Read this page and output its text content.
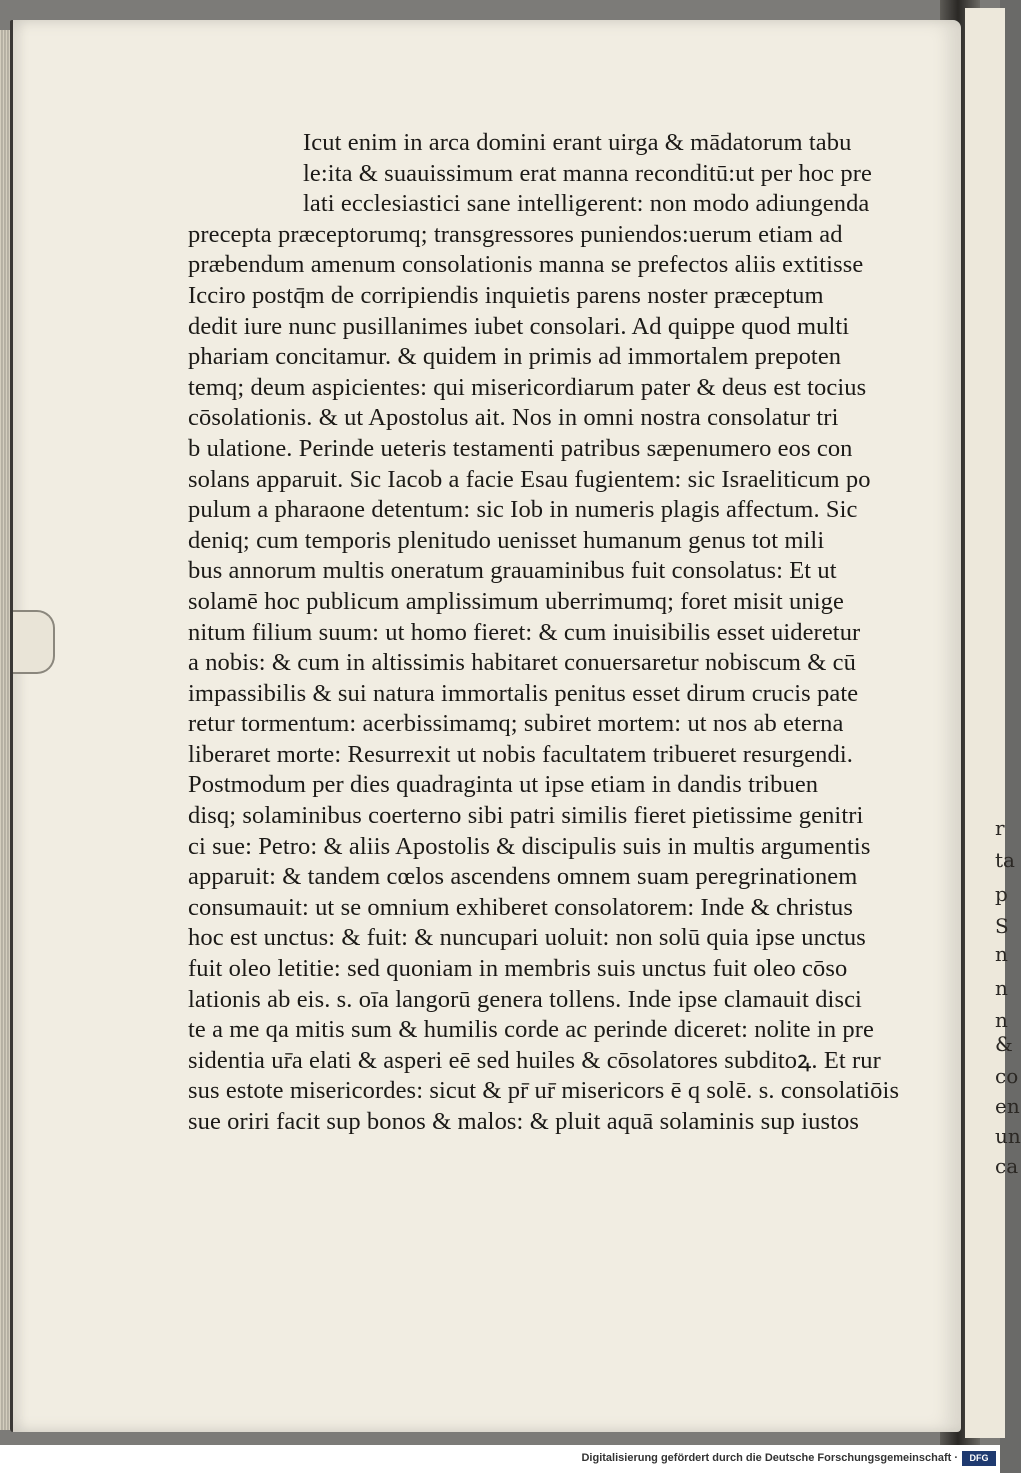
r
ta
p
S
n
n
n
&
co
en
un
ca
Icut enim in arca domini erant uirga & mādatorum tabu
le:ita & suauissimum erat manna reconditū:ut per hoc pre
lati ecclesiastici sane intelligerent: non modo adiungenda
precepta præceptorumq; transgressores puniendos:uerum etiam ad
præbendum amenum consolationis manna se prefectos aliis extitisse
Icciro postq̄m de corripiendis inquietis parens noster præceptum
dedit iure nunc pusillanimes iubet consolari. Ad quippe quod multi
phariam concitamur. & quidem in primis ad immortalem prepoten
temq; deum aspicientes: qui misericordiarum pater & deus est tocius
cōsolationis. & ut Apostolus ait. Nos in omni nostra consolatur tri
b ulatione. Perinde ueteris testamenti patribus sæpenumero eos con
solans apparuit. Sic Iacob a facie Esau fugientem: sic Israeliticum po
pulum a pharaone detentum: sic Iob in numeris plagis affectum. Sic
deniq; cum temporis plenitudo uenisset humanum genus tot mili
bus annorum multis oneratum grauaminibus fuit consolatus: Et ut
solamē hoc publicum amplissimum uberrimumq; foret misit unige
nitum filium suum: ut homo fieret: & cum inuisibilis esset uideretur
a nobis: & cum in altissimis habitaret conuersaretur nobiscum & cū
impassibilis & sui natura immortalis penitus esset dirum crucis pate
retur tormentum: acerbissimamq; subiret mortem: ut nos ab eterna
liberaret morte: Resurrexit ut nobis facultatem tribueret resurgendi.
Postmodum per dies quadraginta ut ipse etiam in dandis tribuen
disq; solaminibus coerterno sibi patri similis fieret pietissime genitri
ci sue: Petro: & aliis Apostolis & discipulis suis in multis argumentis
apparuit: & tandem cœlos ascendens omnem suam peregrinationem
consumauit: ut se omnium exhiberet consolatorem: Inde & christus
hoc est unctus: & fuit: & nuncupari uoluit: non solū quia ipse unctus
fuit oleo letitie: sed quoniam in membris suis unctus fuit oleo cōso
lationis ab eis. s. oīa langorū genera tollens. Inde ipse clamauit disci
te a me qa mitis sum & humilis corde ac perinde diceret: nolite in pre
sidentia ur̄a elati & asperi eē sed huiles & cōsolatores subditoꝝ. Et rur
sus estote misericordes: sicut & pr̄ ur̄ misericors ē q solē. s. consolatiōis
sue oriri facit sup bonos & malos: & pluit aquā solaminis sup iustos
Digitalisierung gefördert durch die Deutsche Forschungsgemeinschaft ·	DFG
